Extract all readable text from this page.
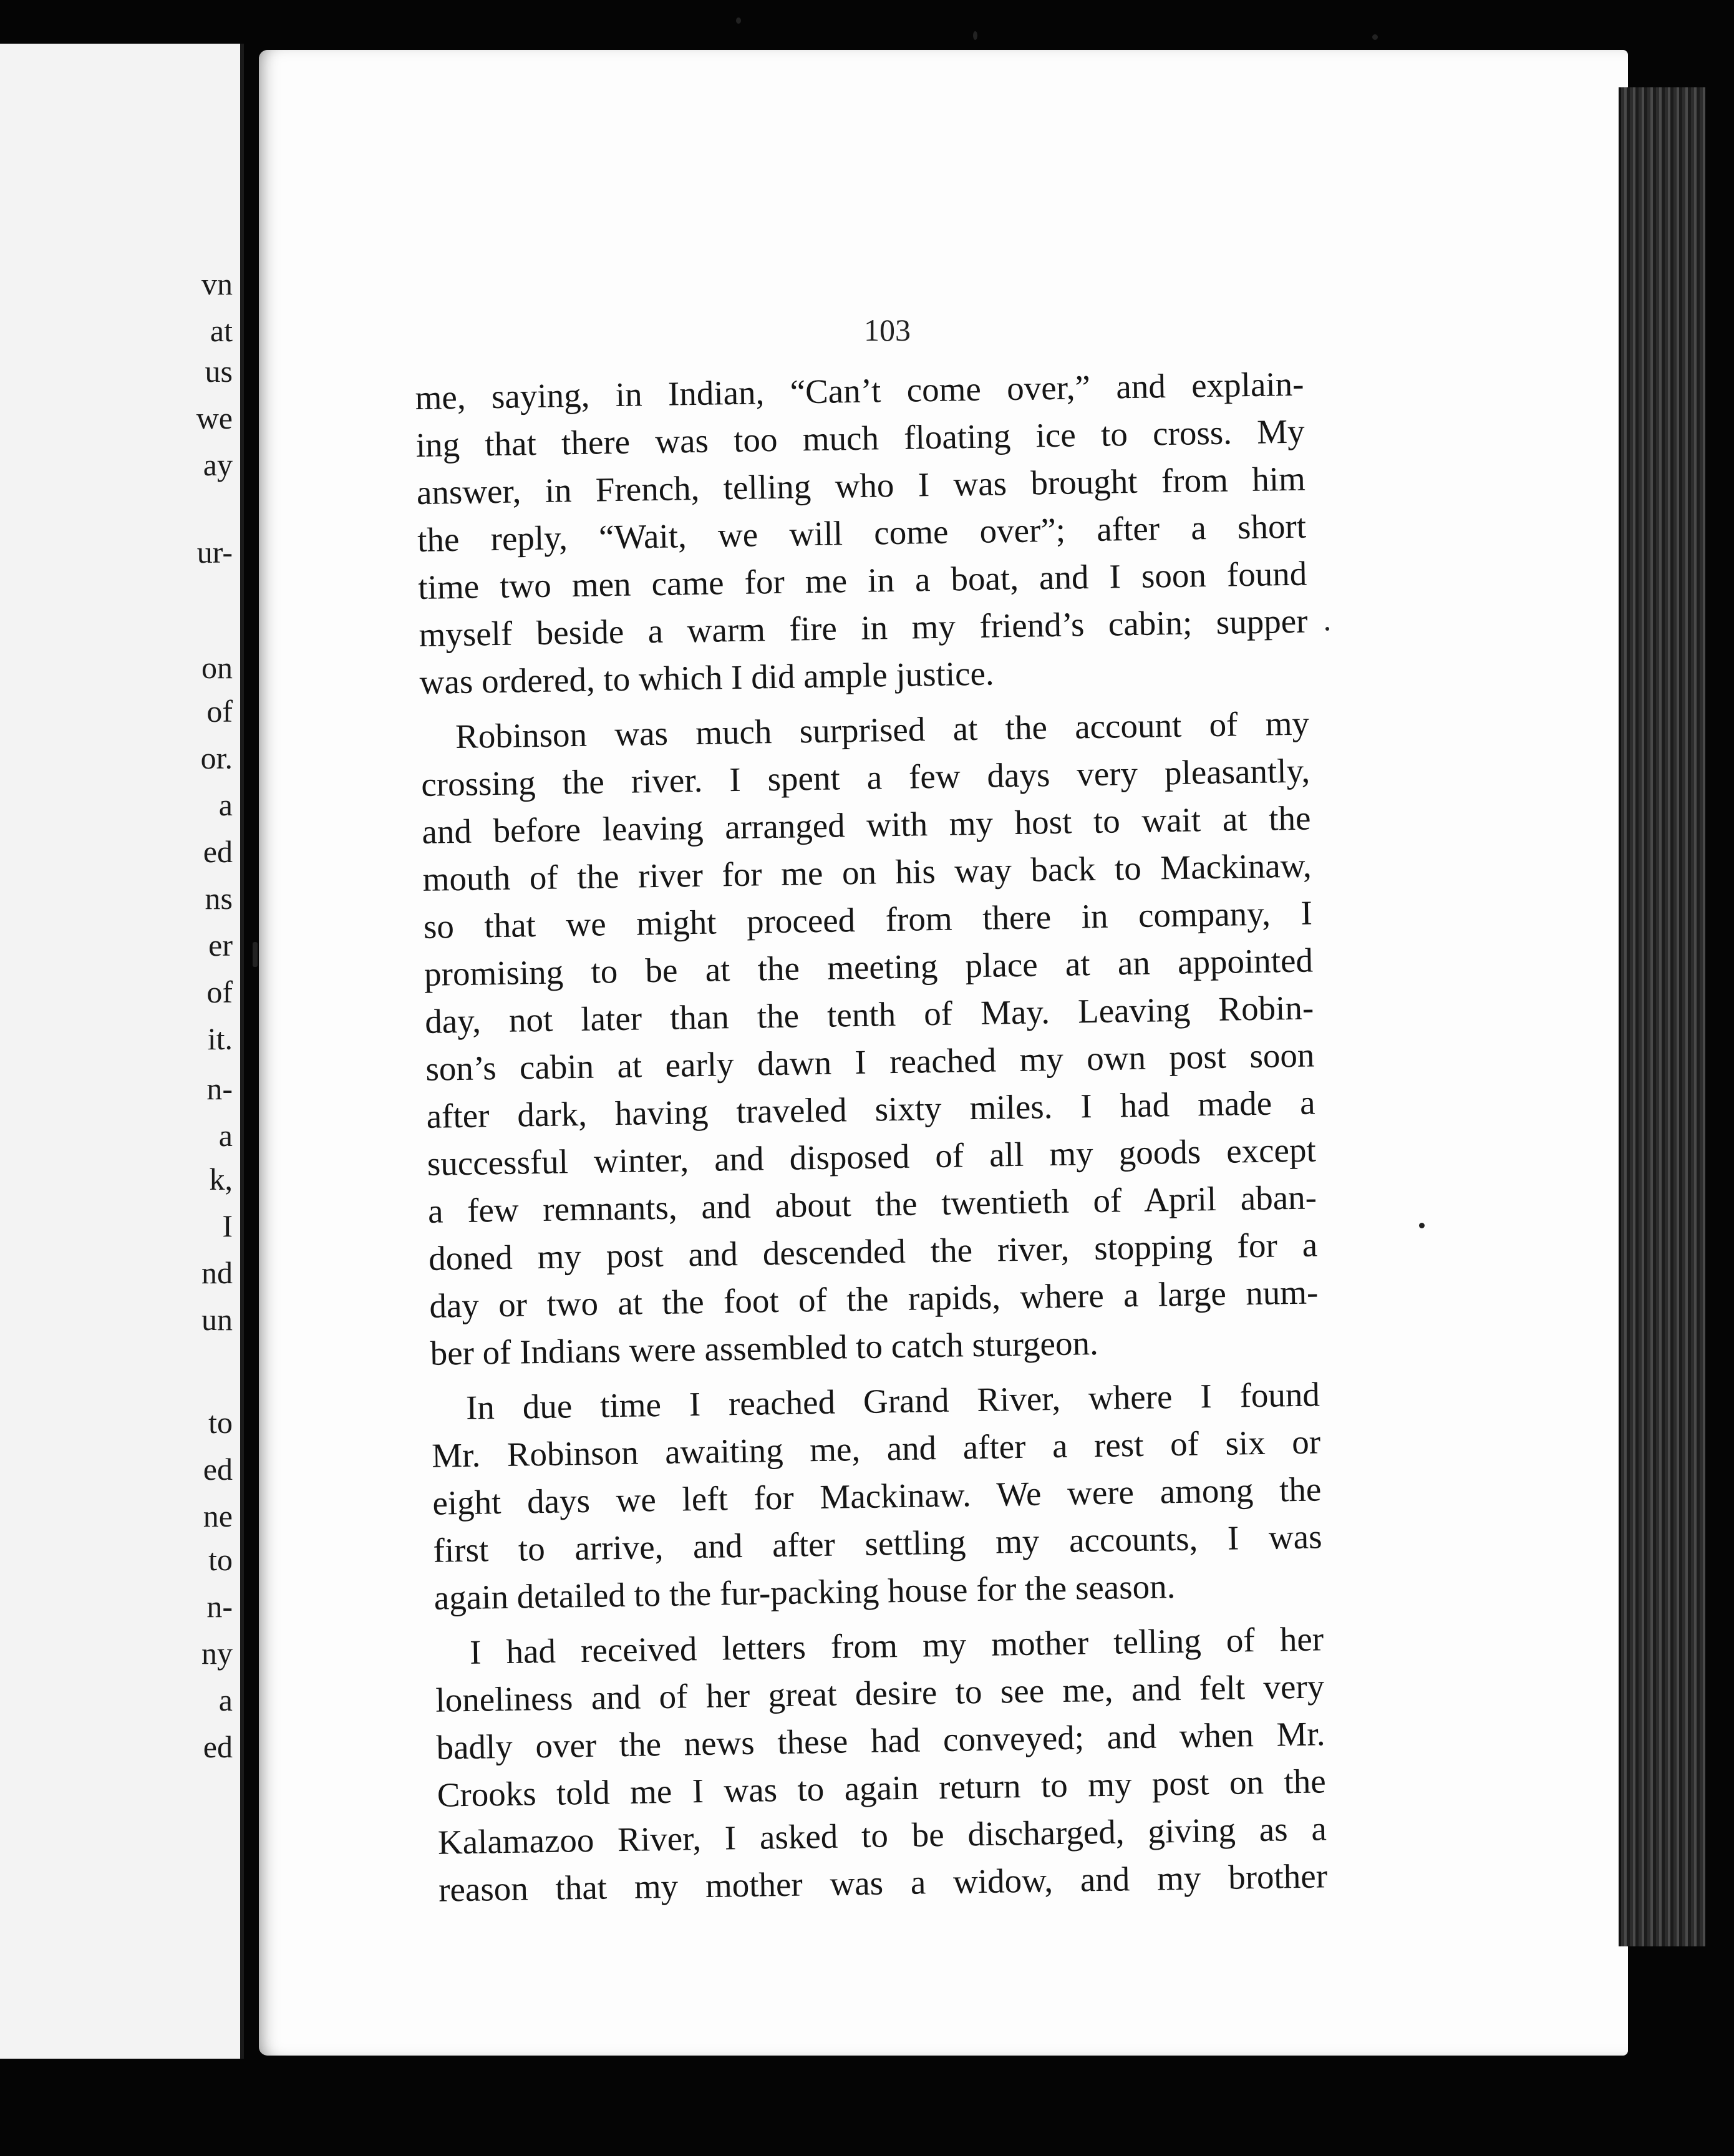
vn
at
us
we
ay
ur-
on
of
or.
a
ed
ns
er
of
it.
n-
a
k,
I
nd
un
to
ed
ne
to
n-
ny
a
ed

103

me, saying, in Indian, “Can’t come over,” and explain-
ing that there was too much floating ice to cross. My
answer, in French, telling who I was brought from him
the reply, “Wait, we will come over”; after a short
time two men came for me in a boat, and I soon found
myself beside a warm fire in my friend’s cabin; supper
was ordered, to which I did ample justice.
Robinson was much surprised at the account of my
crossing the river. I spent a few days very pleasantly,
and before leaving arranged with my host to wait at the
mouth of the river for me on his way back to Mackinaw,
so that we might proceed from there in company, I
promising to be at the meeting place at an appointed
day, not later than the tenth of May. Leaving Robin-
son’s cabin at early dawn I reached my own post soon
after dark, having traveled sixty miles. I had made a
successful winter, and disposed of all my goods except
a few remnants, and about the twentieth of April aban-
doned my post and descended the river, stopping for a
day or two at the foot of the rapids, where a large num-
ber of Indians were assembled to catch sturgeon.
In due time I reached Grand River, where I found
Mr. Robinson awaiting me, and after a rest of six or
eight days we left for Mackinaw. We were among the
first to arrive, and after settling my accounts, I was
again detailed to the fur-packing house for the season.
I had received letters from my mother telling of her
loneliness and of her great desire to see me, and felt very
badly over the news these had conveyed; and when Mr.
Crooks told me I was to again return to my post on the
Kalamazoo River, I asked to be discharged, giving as a
reason that my mother was a widow, and my brother
